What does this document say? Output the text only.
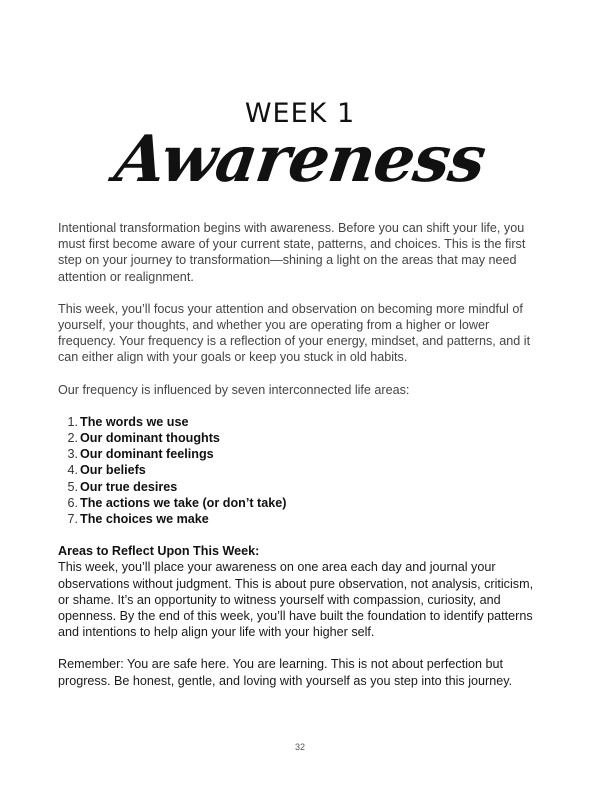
WEEK 1
Awareness

Intentional transformation begins with awareness. Before you can shift your life, you must first become aware of your current state, patterns, and choices. This is the first step on your journey to transformation—shining a light on the areas that may need attention or realignment.

This week, you’ll focus your attention and observation on becoming more mindful of yourself, your thoughts, and whether you are operating from a higher or lower frequency. Your frequency is a reflection of your energy, mindset, and patterns, and it can either align with your goals or keep you stuck in old habits.

Our frequency is influenced by seven interconnected life areas:

1. The words we use
2. Our dominant thoughts
3. Our dominant feelings
4. Our beliefs
5. Our true desires
6. The actions we take (or don’t take)
7. The choices we make

Areas to Reflect Upon This Week:

This week, you’ll place your awareness on one area each day and journal your observations without judgment. This is about pure observation, not analysis, criticism, or shame. It’s an opportunity to witness yourself with compassion, curiosity, and openness. By the end of this week, you’ll have built the foundation to identify patterns and intentions to help align your life with your higher self.

Remember: You are safe here. You are learning. This is not about perfection but progress. Be honest, gentle, and loving with yourself as you step into this journey.

32
